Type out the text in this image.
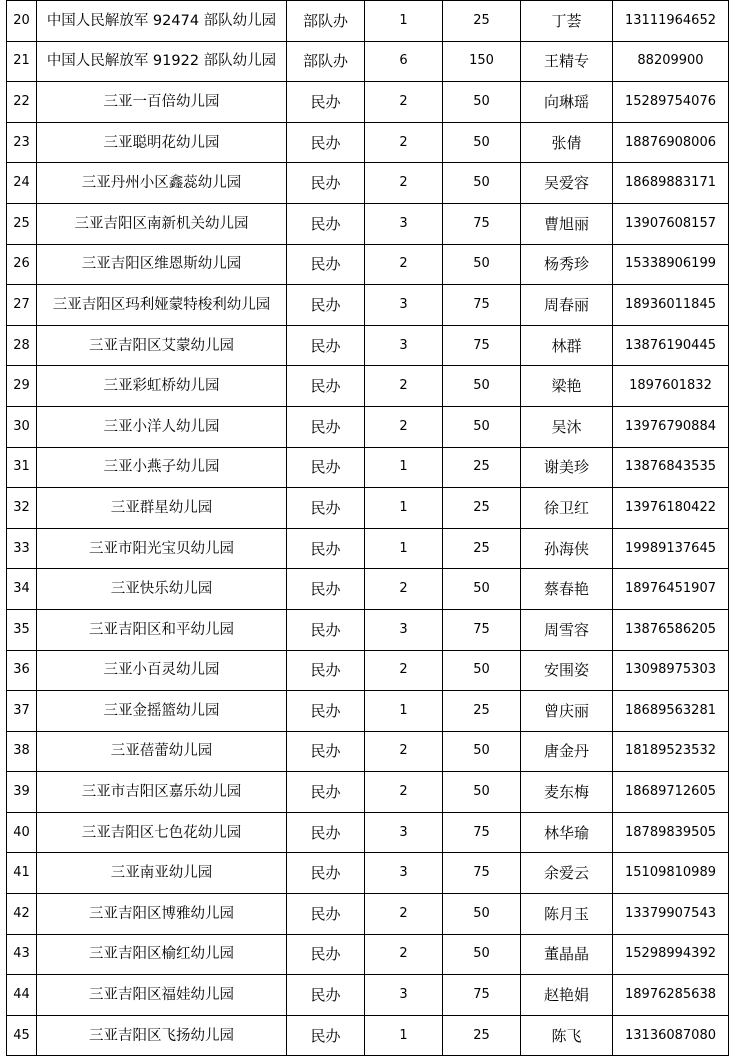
20	中国人民解放军 92474 部队幼儿园	部队办	1	25	丁荟	13111964652
21	中国人民解放军 91922 部队幼儿园	部队办	6	150	王精专	88209900
22	三亚一百倍幼儿园	民办	2	50	向琳瑶	15289754076
23	三亚聪明花幼儿园	民办	2	50	张倩	18876908006
24	三亚丹州小区鑫蕊幼儿园	民办	2	50	吴爱容	18689883171
25	三亚吉阳区南新机关幼儿园	民办	3	75	曹旭丽	13907608157
26	三亚吉阳区维恩斯幼儿园	民办	2	50	杨秀珍	15338906199
27	三亚吉阳区玛利娅蒙特梭利幼儿园	民办	3	75	周春丽	18936011845
28	三亚吉阳区艾蒙幼儿园	民办	3	75	林群	13876190445
29	三亚彩虹桥幼儿园	民办	2	50	梁艳	1897601832
30	三亚小洋人幼儿园	民办	2	50	吴沐	13976790884
31	三亚小燕子幼儿园	民办	1	25	谢美珍	13876843535
32	三亚群星幼儿园	民办	1	25	徐卫红	13976180422
33	三亚市阳光宝贝幼儿园	民办	1	25	孙海侠	19989137645
34	三亚快乐幼儿园	民办	2	50	蔡春艳	18976451907
35	三亚吉阳区和平幼儿园	民办	3	75	周雪容	13876586205
36	三亚小百灵幼儿园	民办	2	50	安围姿	13098975303
37	三亚金摇篮幼儿园	民办	1	25	曾庆丽	18689563281
38	三亚蓓蕾幼儿园	民办	2	50	唐金丹	18189523532
39	三亚市吉阳区嘉乐幼儿园	民办	2	50	麦东梅	18689712605
40	三亚吉阳区七色花幼儿园	民办	3	75	林华瑜	18789839505
41	三亚南亚幼儿园	民办	3	75	余爱云	15109810989
42	三亚吉阳区博雅幼儿园	民办	2	50	陈月玉	13379907543
43	三亚吉阳区榆红幼儿园	民办	2	50	董晶晶	15298994392
44	三亚吉阳区福娃幼儿园	民办	3	75	赵艳娟	18976285638
45	三亚吉阳区飞扬幼儿园	民办	1	25	陈飞	13136087080
